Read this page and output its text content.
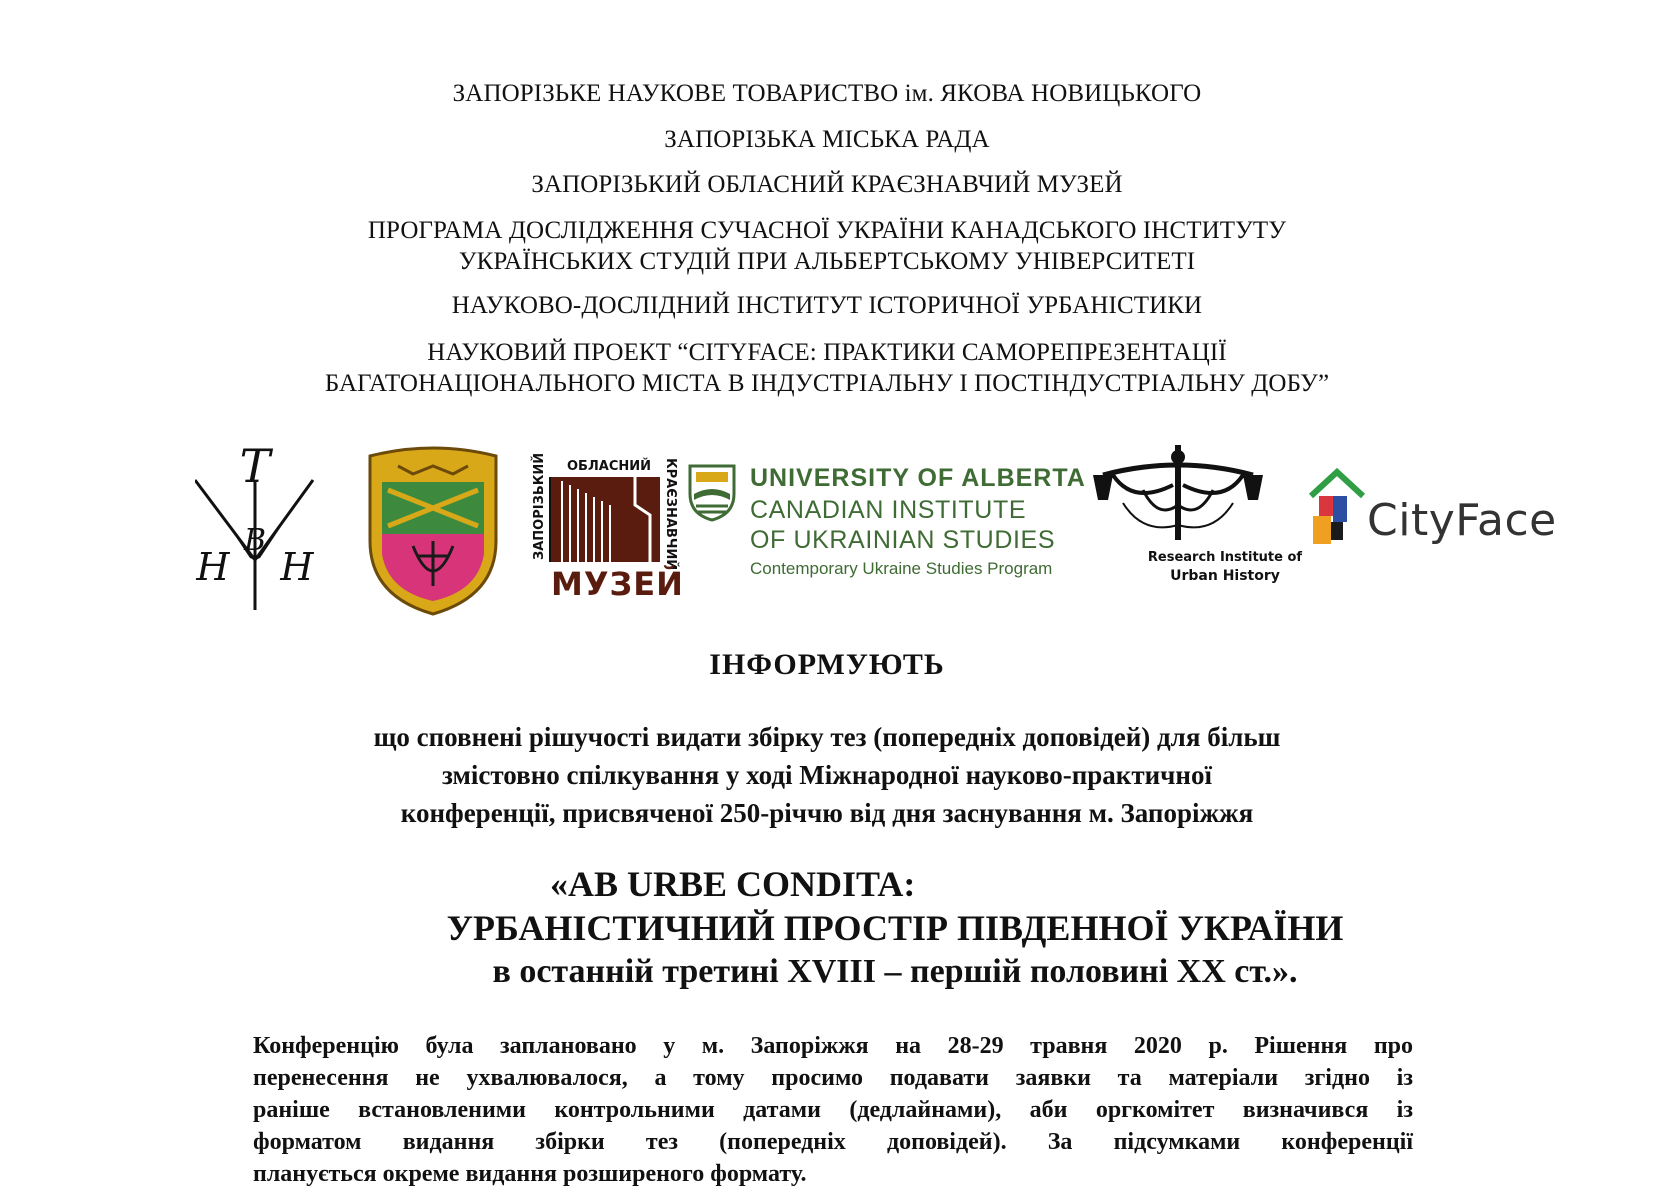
ЗАПОРІЗЬКЕ НАУКОВЕ ТОВАРИСТВО ім. ЯКОВА НОВИЦЬКОГО
ЗАПОРІЗЬКА МІСЬКА РАДА
ЗАПОРІЗЬКИЙ ОБЛАСНИЙ КРАЄЗНАВЧИЙ МУЗЕЙ
ПРОГРАМА ДОСЛІДЖЕННЯ СУЧАСНОЇ УКРАЇНИ КАНАДСЬКОГО ІНСТИТУТУ
УКРАЇНСЬКИХ СТУДІЙ ПРИ АЛЬБЕРТСЬКОМУ УНІВЕРСИТЕТІ
НАУКОВО-ДОСЛІДНИЙ ІНСТИТУТ ІСТОРИЧНОЇ УРБАНІСТИКИ
НАУКОВИЙ ПРОЕКТ “CITYFACE: ПРАКТИКИ САМОРЕПРЕЗЕНТАЦІЇ
БАГАТОНАЦІОНАЛЬНОГО МІСТА В ІНДУСТРІАЛЬНУ І ПОСТІНДУСТРІАЛЬНУ ДОБУ”
Т
В
Н Н
ОБЛАСНИЙ
ЗАПОРІЗЬКИЙ	КРАЄЗНАВЧИЙ
МУЗЕЙ
UNIVERSITY OF ALBERTA
CANADIAN INSTITUTE
OF UKRAINIAN STUDIES
Contemporary Ukraine Studies Program
Research Institute of
Urban History
CityFace
ІНФОРМУЮТЬ
що сповнені рішучості видати збірку тез (попередніх доповідей) для більш
змістовно спілкування у ході Міжнародної науково-практичної
конференції, присвяченої 250-річчю від дня заснування м. Запоріжжя
«AB URBE CONDITA:
УРБАНІСТИЧНИЙ ПРОСТІР ПІВДЕННОЇ УКРАЇНИ
в останній третині XVIII – першій половині XX ст.».
Конференцію була заплановано у м. Запоріжжя на 28-29 травня 2020 р. Рішення про
перенесення не ухвалювалося, а тому просимо подавати заявки та матеріали згідно із
раніше встановленими контрольними датами (дедлайнами), аби оргкомітет визначився із
форматом видання збірки тез (попередніх доповідей). За підсумками конференції
планується окреме видання розширеного формату.
